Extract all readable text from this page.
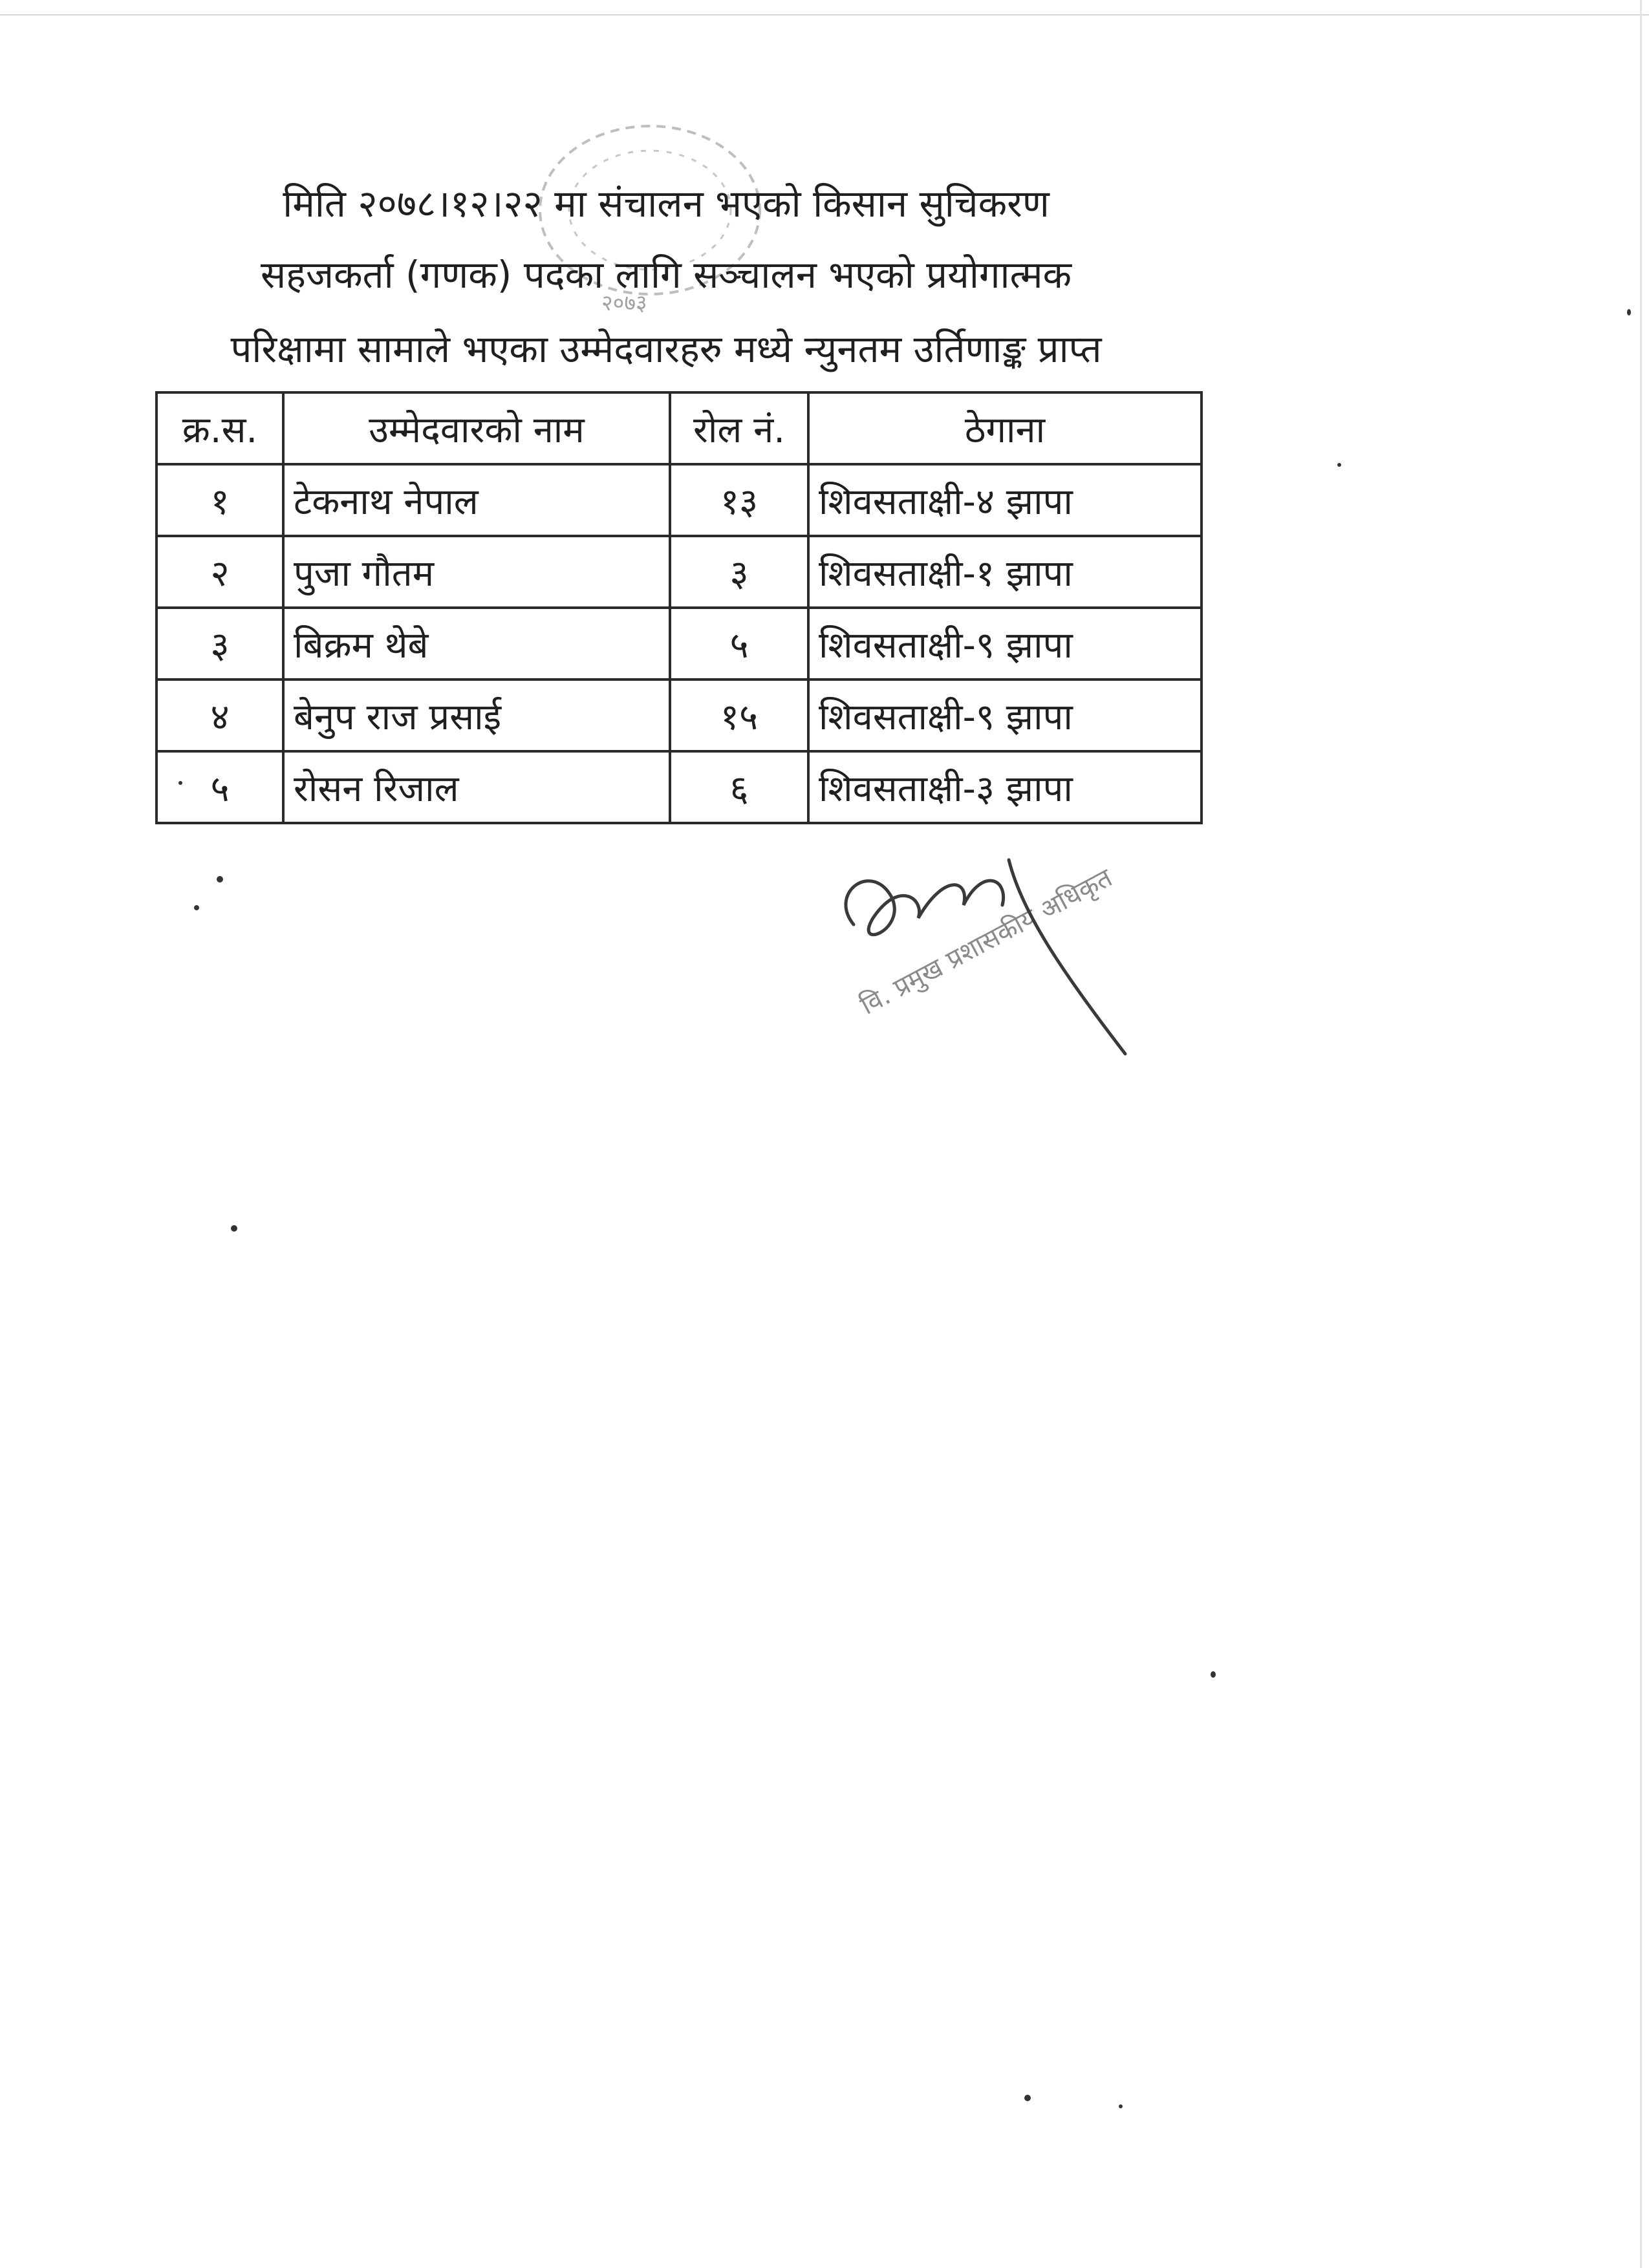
२०७३
मिति २०७८।१२।२२ मा संचालन भएको किसान सुचिकरण
सहजकर्ता (गणक) पदका लागि सञ्चालन भएको प्रयोगात्मक
परिक्षामा सामाले भएका उम्मेदवारहरु मध्ये न्युनतम उर्तिणाङ्क प्राप्त
क्र.स.	उम्मेदवारको नाम	रोल नं.	ठेगाना
१	टेकनाथ नेपाल	१३	शिवसताक्षी-४ झापा
२	पुजा गौतम	३	शिवसताक्षी-१ झापा
३	बिक्रम थेबे	५	शिवसताक्षी-९ झापा
४	बेनुप राज प्रसाई	१५	शिवसताक्षी-९ झापा
५	रोसन रिजाल	६	शिवसताक्षी-३ झापा
वि. प्रमुख प्रशासकीय अधिकृत
